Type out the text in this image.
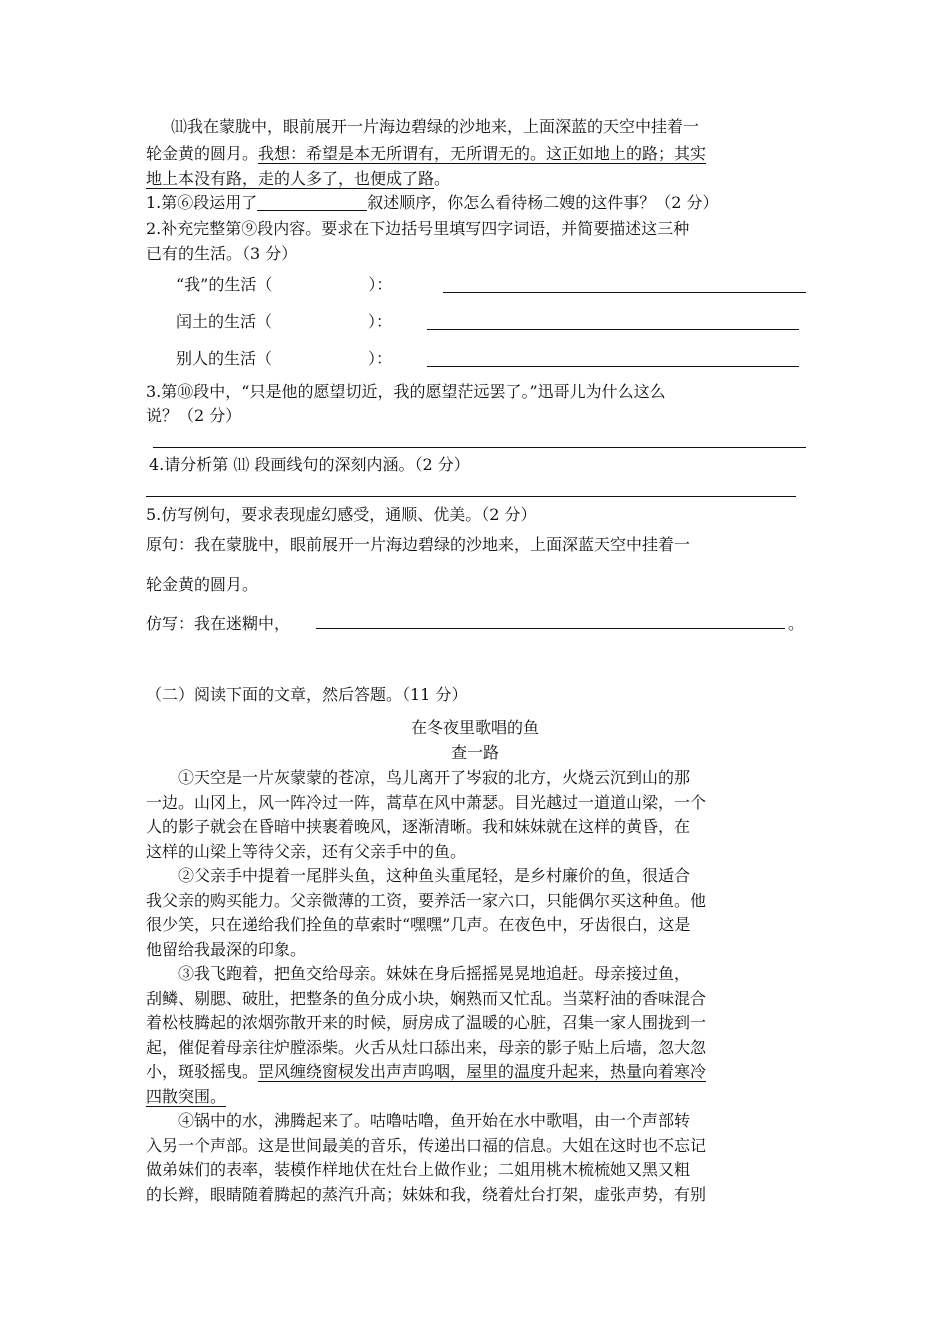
⑾我在蒙胧中，眼前展开一片海边碧绿的沙地来，上面深蓝的天空中挂着一
轮金黄的圆月。我想：希望是本无所谓有，无所谓无的。这正如地上的路；其实
地上本没有路，走的人多了，也便成了路。
1.第⑥段运用了	叙述顺序，你怎么看待杨二嫂的这件事？（2 分）
2.补充完整第⑨段内容。要求在下边括号里填写四字词语，并简要描述这三种
已有的生活。（3 分）
“我”的生活（　　　　　　）：
闰土的生活（　　　　　　）：
别人的生活（　　　　　　）：
3.第⑩段中，“只是他的愿望切近，我的愿望茫远罢了。”迅哥儿为什么这么
说？（2 分）
4.请分析第 ⑾ 段画线句的深刻内涵。（2 分）
5.仿写例句，要求表现虚幻感受，通顺、优美。（2 分）
原句：我在蒙胧中，眼前展开一片海边碧绿的沙地来，上面深蓝天空中挂着一
轮金黄的圆月。
仿写：我在迷糊中，	。
（二）阅读下面的文章，然后答题。（11 分）
在冬夜里歌唱的鱼
查一路
①天空是一片灰蒙蒙的苍凉，鸟儿离开了岑寂的北方，火烧云沉到山的那
一边。山冈上，风一阵冷过一阵，蒿草在风中萧瑟。目光越过一道道山梁，一个
人的影子就会在昏暗中挟裹着晚风，逐渐清晰。我和妹妹就在这样的黄昏，在
这样的山梁上等待父亲，还有父亲手中的鱼。
②父亲手中提着一尾胖头鱼，这种鱼头重尾轻，是乡村廉价的鱼，很适合
我父亲的购买能力。父亲微薄的工资，要养活一家六口，只能偶尔买这种鱼。他
很少笑，只在递给我们拴鱼的草索时“嘿嘿”几声。在夜色中，牙齿很白，这是
他留给我最深的印象。
③我飞跑着，把鱼交给母亲。妹妹在身后摇摇晃晃地追赶。母亲接过鱼，
刮鳞、剔腮、破肚，把整条的鱼分成小块，娴熟而又忙乱。当菜籽油的香味混合
着松枝腾起的浓烟弥散开来的时候，厨房成了温暖的心脏，召集一家人围拢到一
起，催促着母亲往炉膛添柴。火舌从灶口舔出来，母亲的影子贴上后墙，忽大忽
小，斑驳摇曳。罡风缠绕窗棂发出声声呜咽，屋里的温度升起来，热量向着寒冷
四散突围。
④锅中的水，沸腾起来了。咕噜咕噜，鱼开始在水中歌唱，由一个声部转
入另一个声部。这是世间最美的音乐，传递出口福的信息。大姐在这时也不忘记
做弟妹们的表率，装模作样地伏在灶台上做作业；二姐用桃木梳梳她又黑又粗
的长辫，眼睛随着腾起的蒸汽升高；妹妹和我，绕着灶台打架，虚张声势，有别
